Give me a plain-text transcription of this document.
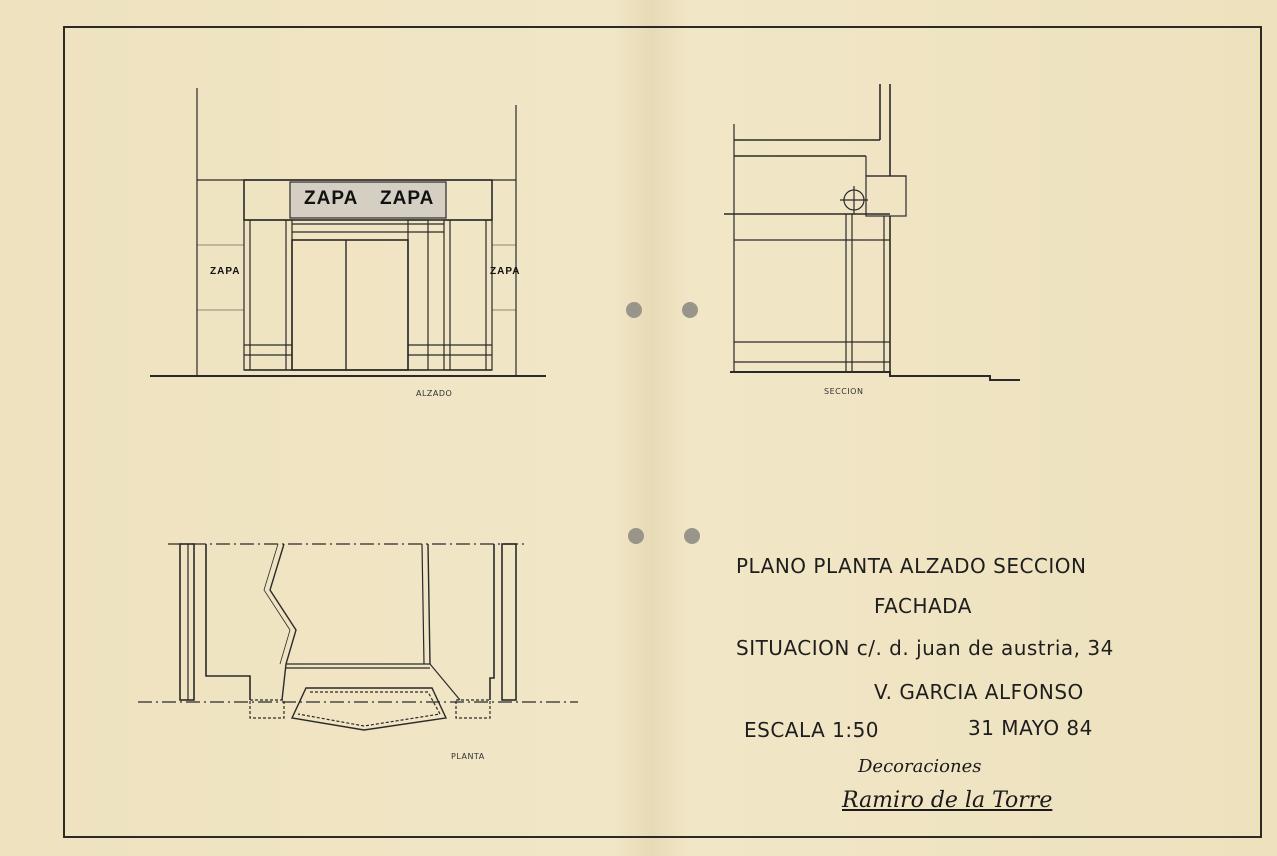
ZAPA ZAPA
ZAPA	ZAPA
ALZADO	SECCION
PLANTA
PLANO PLANTA ALZADO SECCION
FACHADA
SITUACION c/. d. juan de austria, 34
V. GARCIA ALFONSO
ESCALA 1:50	31 MAYO 84
Decoraciones
Ramiro de la Torre
